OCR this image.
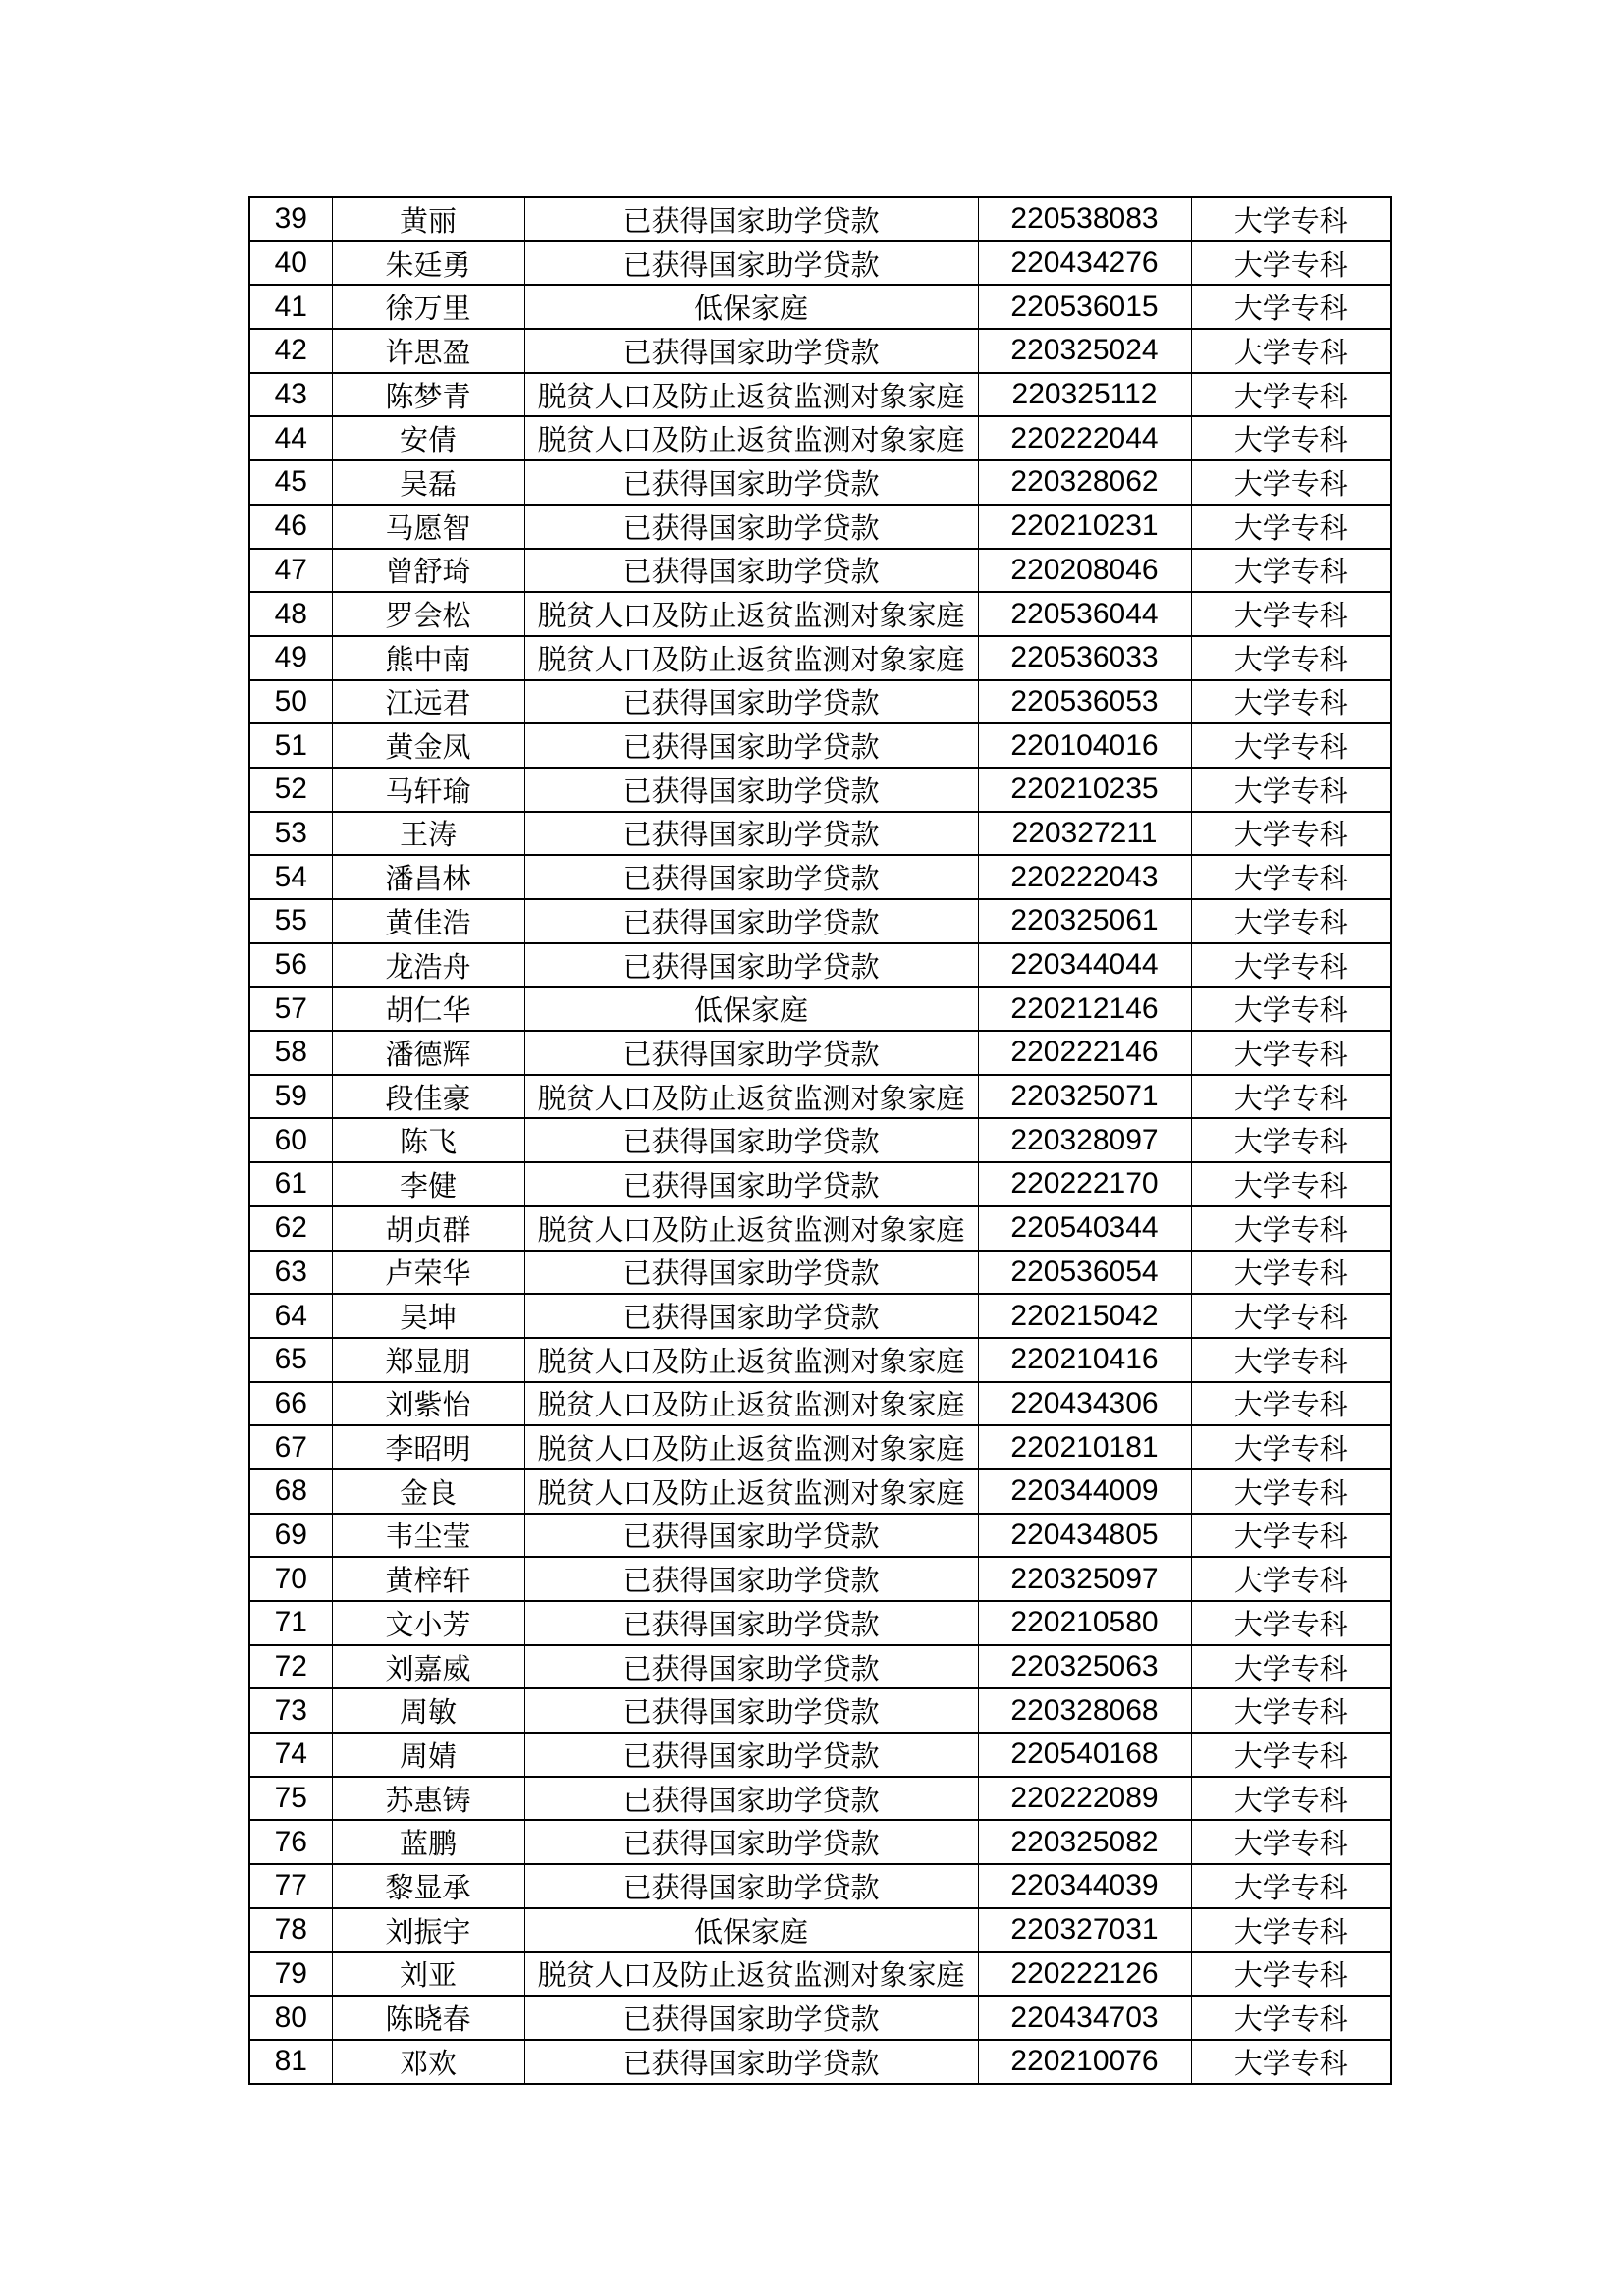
39	黄丽	已获得国家助学贷款	220538083	大学专科
40	朱廷勇	已获得国家助学贷款	220434276	大学专科
41	徐万里	低保家庭	220536015	大学专科
42	许思盈	已获得国家助学贷款	220325024	大学专科
43	陈梦青	脱贫人口及防止返贫监测对象家庭	220325112	大学专科
44	安倩	脱贫人口及防止返贫监测对象家庭	220222044	大学专科
45	吴磊	已获得国家助学贷款	220328062	大学专科
46	马愿智	已获得国家助学贷款	220210231	大学专科
47	曾舒琦	已获得国家助学贷款	220208046	大学专科
48	罗会松	脱贫人口及防止返贫监测对象家庭	220536044	大学专科
49	熊中南	脱贫人口及防止返贫监测对象家庭	220536033	大学专科
50	江远君	已获得国家助学贷款	220536053	大学专科
51	黄金凤	已获得国家助学贷款	220104016	大学专科
52	马轩瑜	已获得国家助学贷款	220210235	大学专科
53	王涛	已获得国家助学贷款	220327211	大学专科
54	潘昌林	已获得国家助学贷款	220222043	大学专科
55	黄佳浩	已获得国家助学贷款	220325061	大学专科
56	龙浩舟	已获得国家助学贷款	220344044	大学专科
57	胡仁华	低保家庭	220212146	大学专科
58	潘德辉	已获得国家助学贷款	220222146	大学专科
59	段佳豪	脱贫人口及防止返贫监测对象家庭	220325071	大学专科
60	陈飞	已获得国家助学贷款	220328097	大学专科
61	李健	已获得国家助学贷款	220222170	大学专科
62	胡贞群	脱贫人口及防止返贫监测对象家庭	220540344	大学专科
63	卢荣华	已获得国家助学贷款	220536054	大学专科
64	吴坤	已获得国家助学贷款	220215042	大学专科
65	郑显朋	脱贫人口及防止返贫监测对象家庭	220210416	大学专科
66	刘紫怡	脱贫人口及防止返贫监测对象家庭	220434306	大学专科
67	李昭明	脱贫人口及防止返贫监测对象家庭	220210181	大学专科
68	金良	脱贫人口及防止返贫监测对象家庭	220344009	大学专科
69	韦尘莹	已获得国家助学贷款	220434805	大学专科
70	黄梓轩	已获得国家助学贷款	220325097	大学专科
71	文小芳	已获得国家助学贷款	220210580	大学专科
72	刘嘉威	已获得国家助学贷款	220325063	大学专科
73	周敏	已获得国家助学贷款	220328068	大学专科
74	周婧	已获得国家助学贷款	220540168	大学专科
75	苏惠铸	已获得国家助学贷款	220222089	大学专科
76	蓝鹏	已获得国家助学贷款	220325082	大学专科
77	黎显承	已获得国家助学贷款	220344039	大学专科
78	刘振宇	低保家庭	220327031	大学专科
79	刘亚	脱贫人口及防止返贫监测对象家庭	220222126	大学专科
80	陈晓春	已获得国家助学贷款	220434703	大学专科
81	邓欢	已获得国家助学贷款	220210076	大学专科
